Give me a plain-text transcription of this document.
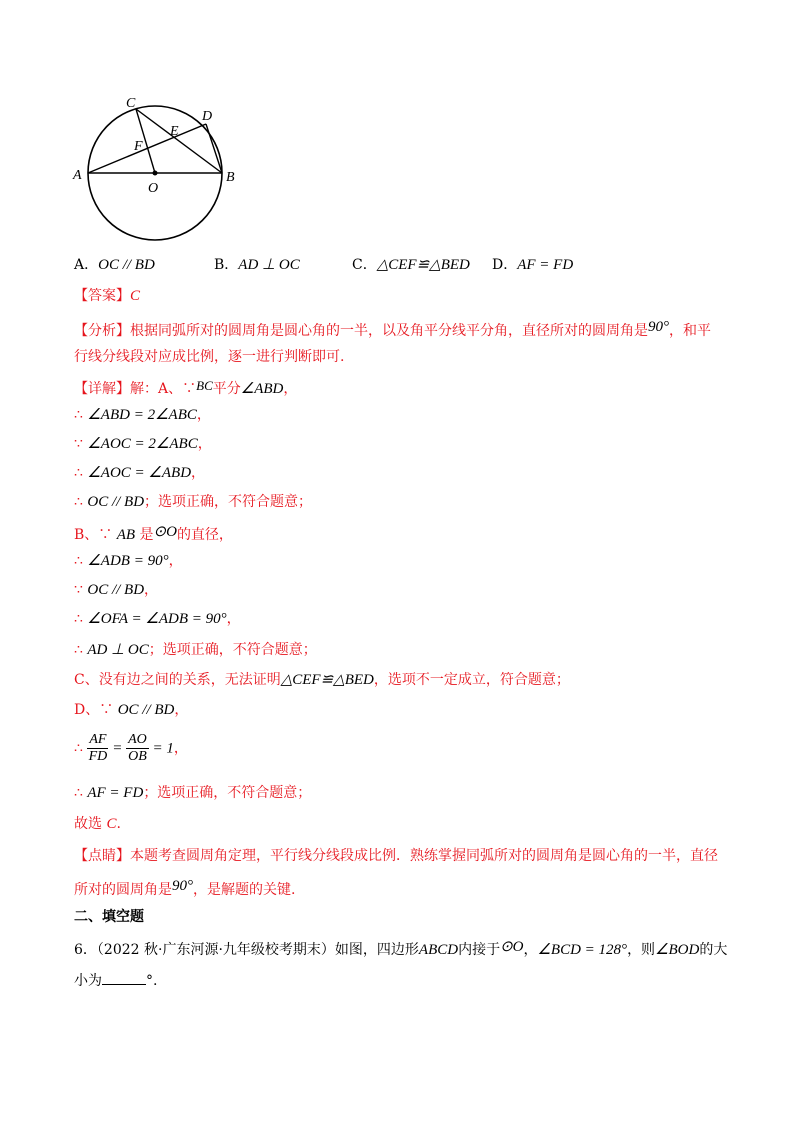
A	B
C
D
E
F
O
A．OC // BD	B．AD ⊥ OC	C．△CEF≌△BED D．AF = FD
【答案】C
【分析】根据同弧所对的圆周角是圆心角的一半，以及角平分线平分角，直径所对的圆周角是90°，和平
行线分线段对应成比例，逐一进行判断即可.
【详解】解：A、∵BC平分∠ABD，
∴ ∠ABD = 2∠ABC，
∵ ∠AOC = 2∠ABC，
∴ ∠AOC = ∠ABD，
∴ OC // BD；选项正确，不符合题意；
B、∵ AB 是⊙O的直径，
∴ ∠ADB = 90°，
∵ OC // BD，
∴ ∠OFA = ∠ADB = 90°，
∴ AD ⊥ OC；选项正确，不符合题意；
C、没有边之间的关系，无法证明△CEF≌△BED，选项不一定成立，符合题意；
D、∵ OC // BD，
∴ $\frac{AF}{FD} = \frac{AO}{OB} = 1$，
∴ AF = FD；选项正确，不符合题意；
故选 C.
【点睛】本题考查圆周角定理，平行线分线段成比例．熟练掌握同弧所对的圆周角是圆心角的一半，直径
所对的圆周角是90°，是解题的关键.
二、填空题
6．（2022 秋·广东河源·九年级校考期末）如图，四边形ABCD内接于⊙O，∠BCD = 128°，则∠BOD的大
小为	°.
